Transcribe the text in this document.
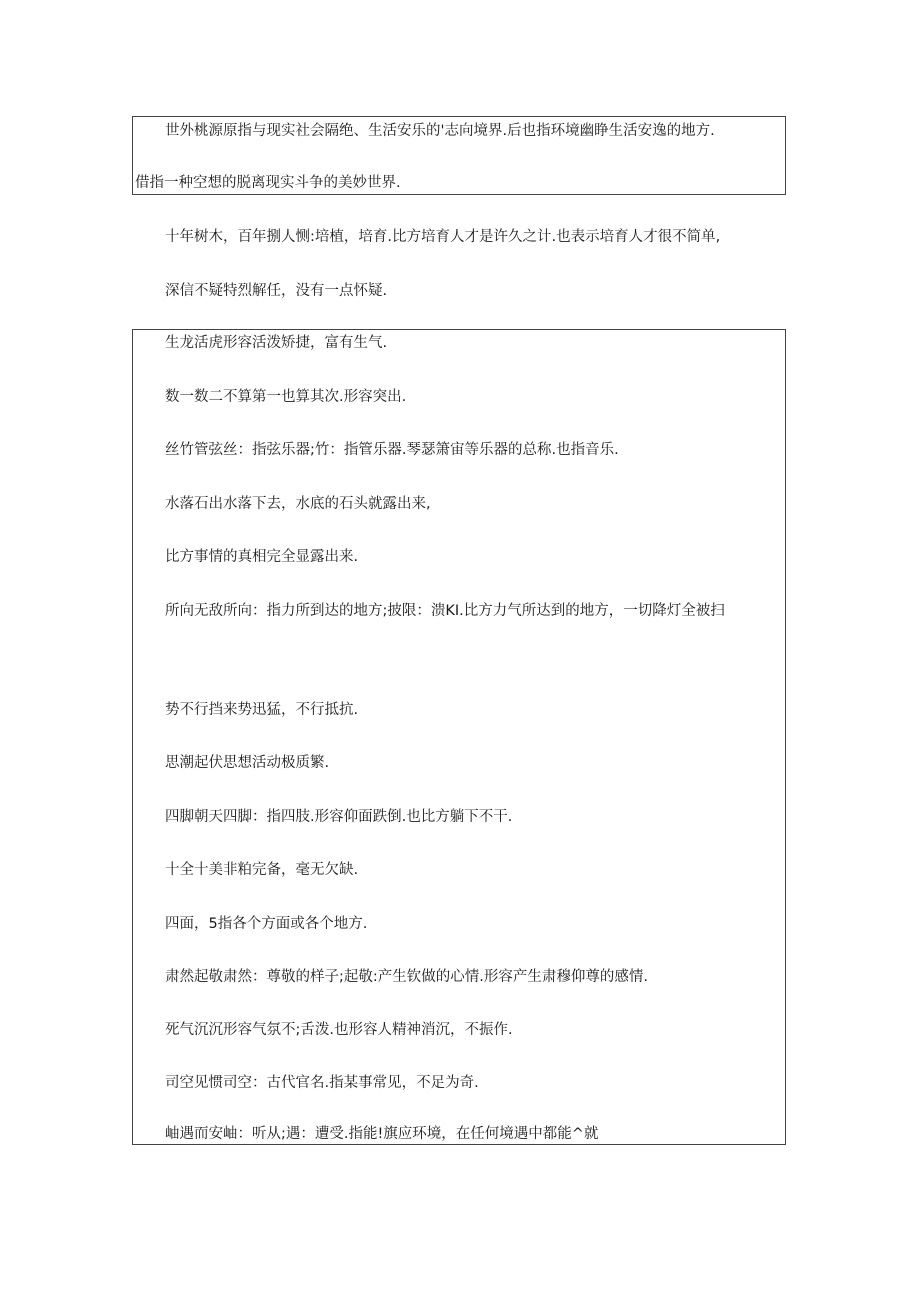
世外桃源原指与现实社会隔绝、生活安乐的'志向境界.后也指环境幽睁生活安逸的地方.
借指一种空想的脱离现实斗争的美妙世界.
十年树木，百年捌人恻:培植，培育.比方培育人才是许久之计.也表示培育人才很不简单,
深信不疑特烈解任，没有一点怀疑.
生龙活虎形容活泼矫捷，富有生气.
数一数二不算第一也算其次.形容突出.
丝竹管弦丝：指弦乐器;竹：指管乐器.琴瑟箫宙等乐器的总称.也指音乐.
水落石出水落下去，水底的石头就露出来,
比方事情的真相完全显露出来.
所向无敌所向：指力所到达的地方;披限：溃KI.比方力气所达到的地方，一切降灯全被扫
势不行挡来势迅猛，不行抵抗.
思潮起伏思想活动极质繁.
四脚朝天四脚：指四肢.形容仰面跌倒.也比方躺下不干.
十全十美非粕完备，毫无欠缺.
四面，5指各个方面或各个地方.
肃然起敬肃然：尊敬的样子;起敬:产生钦做的心情.形容产生肃穆仰尊的感情.
死气沉沉形容气氛不;舌泼.也形容人精神消沉，不振作.
司空见惯司空：古代官名.指某事常见，不足为奇.
岫遇而安岫：听从;遇：遭受.指能!旗应环境，在任何境遇中都能^就
